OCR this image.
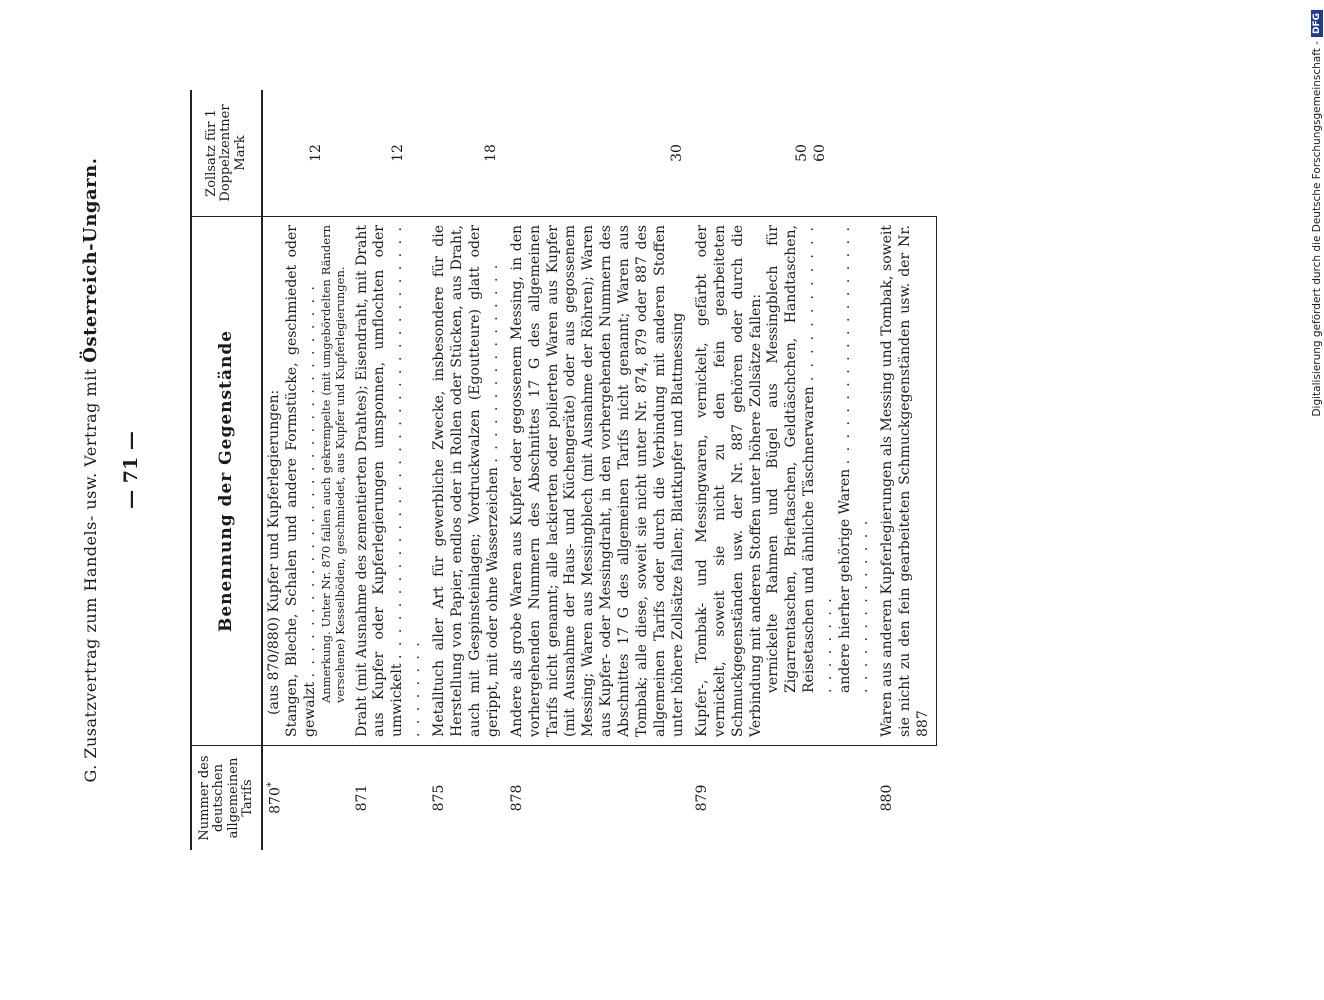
G. Zusatzvertrag zum Handels- usw. Vertrag mit Österreich-Ungarn.
— 71 —
Nummer des deutschen allgemeinen Tarifs	Benennung der Gegenstände	Zollsatz für 1 Doppelzentner Mark
870*	(aus 870/880) Kupfer und Kupferlegierungen: Stangen, Bleche, Schalen und andere Formstücke, geschmiedet oder gewalzt . . . . . . . . . . . . . . . . . . . . . . . . . . . . . . . Anmerkung. Unter Nr. 870 fallen auch gekrempelte (mit umgebördelten Rändern versehene) Kesselböden, geschmiedet, aus Kupfer und Kupferlegierungen.	12

871	Draht (mit Ausnahme des zementierten Drahtes); Eisendraht, mit Draht aus Kupfer oder Kupferlegierungen umsponnen, umflochten oder umwickelt . . . . . . . . . . . . . . . . . . . . . . . . . . . . . . . . . . . . . . . . . .	12

875	Metalltuch aller Art für gewerbliche Zwecke, insbesondere für die Herstellung von Papier, endlos oder in Rollen oder Stücken, aus Draht, auch mit Gespinsteinlagen; Vordruckwalzen (Egoutteure) glatt oder gerippt, mit oder ohne Wasserzeichen . . . . . . . . . . . . . . . .	18

878	Andere als grobe Waren aus Kupfer oder gegossenem Messing, in den vorhergehenden Nummern des Abschnittes 17 G des allgemeinen Tarifs nicht genannt; alle lackierten oder polierten Waren aus Kupfer (mit Ausnahme der Haus- und Küchengeräte) oder aus gegossenem Messing; Waren aus Messingblech (mit Ausnahme der Röhren); Waren aus Kupfer- oder Messingdraht, in den vorhergehenden Nummern des Abschnittes 17 G des allgemeinen Tarifs nicht genannt; Waren aus Tombak; alle diese, soweit sie nicht unter Nr. 874, 879 oder 887 des allgemeinen Tarifs oder durch die Verbindung mit anderen Stoffen unter höhere Zollsätze fallen; Blattkupfer und Blattmessing	30

879	Kupfer-, Tombak- und Messingwaren, vernickelt, gefärbt oder vernickelt, soweit sie nicht zu den fein gearbeiteten Schmuckgegenständen usw. der Nr. 887 gehören oder durch die Verbindung mit anderen Stoffen unter höhere Zollsätze fallen: vernickelte Rahmen und Bügel aus Messingblech für Zigarrentaschen, Brieftaschen, Geldtäschchen, Handtaschen, Reisetaschen und ähnliche Täschnerwaren . . . . . . . . . . . . . . . . . . . . andere hierher gehörige Waren . . . . . . . . . . . . . . . . . . . . . . . . . . . . . . . . .	50 60

880	Waren aus anderen Kupferlegierungen als Messing und Tombak, soweit sie nicht zu den fein gearbeiteten Schmuckgegenständen usw. der Nr. 887	
Digitalisierung gefördert durch die Deutsche Forschungsgemeinschaft -
DFG
